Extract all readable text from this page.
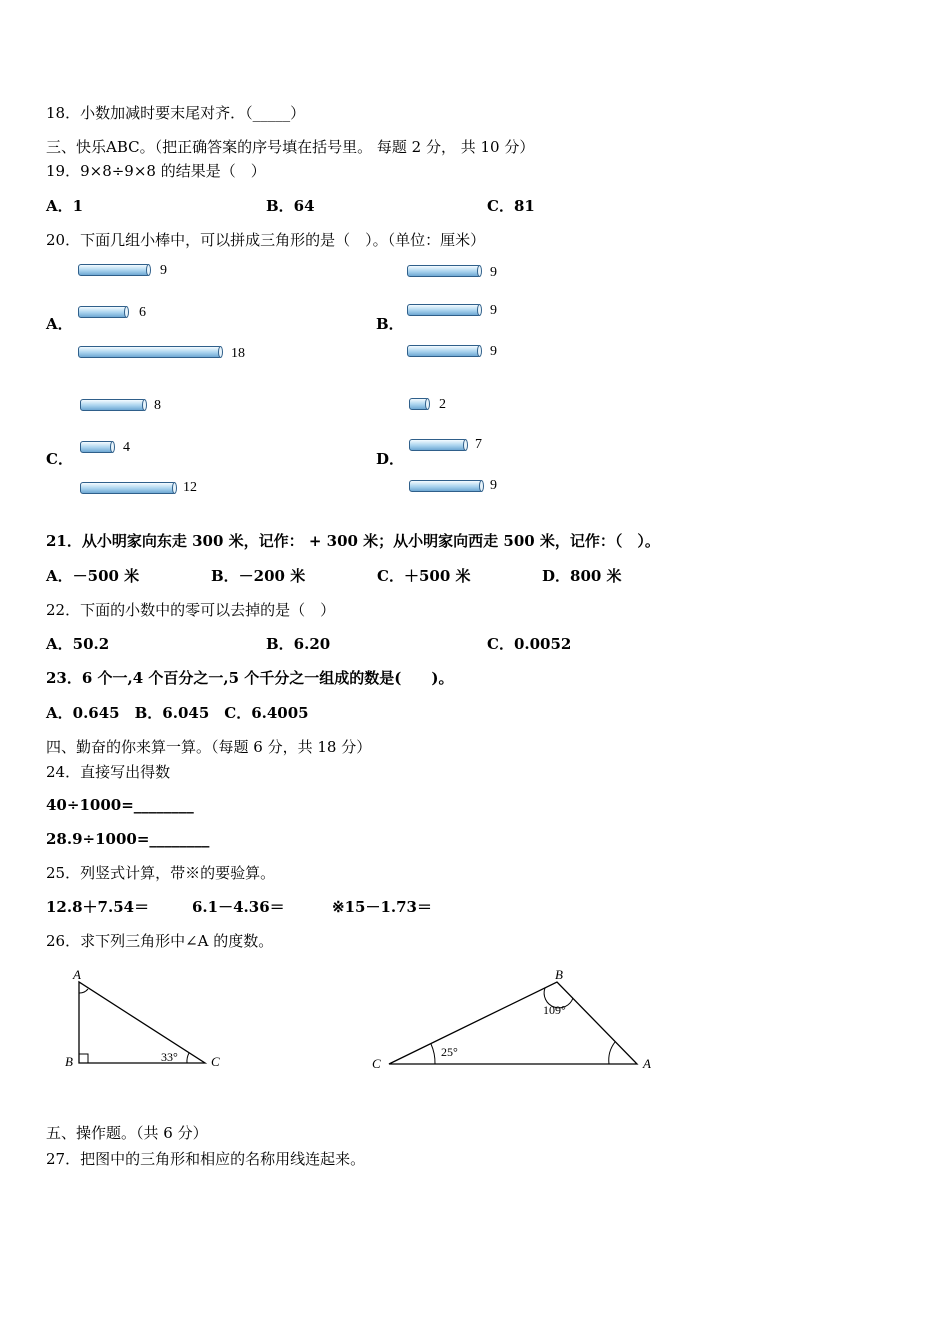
18．小数加减时要末尾对齐．（_____）
三、快乐ABC。（把正确答案的序号填在括号里。 每题 2 分， 共 10 分）
19．9×8÷9×8 的结果是（　）
A．1	B．64	C．81
20．下面几组小棒中，可以拼成三角形的是（　）。（单位：厘米）
A．
9
6
18
B．
9
9
9
C．
8
4
12
D．
2
7
9
21．从小明家向东走 300 米，记作： + 300 米；从小明家向西走 500 米，记作：（　）。
A．－500 米	B．－200 米	C．＋500 米	D．800 米
22．下面的小数中的零可以去掉的是（　）
A．50.2	B．6.20	C．0.0052
23．6 个一,4 个百分之一,5 个千分之一组成的数是(　　)。
A．0.645　B．6.045　C．6.4005
四、勤奋的你来算一算。（每题 6 分，共 18 分）
24．直接写出得数
40÷1000=________
28.9÷1000=________
25．列竖式计算，带※的要验算。
12.8＋7.54＝	6.1－4.36＝	※15－1.73＝
26．求下列三角形中∠A 的度数。
A
B	C
33°
B
C	A
109°
25°
五、操作题。（共 6 分）
27．把图中的三角形和相应的名称用线连起来。
